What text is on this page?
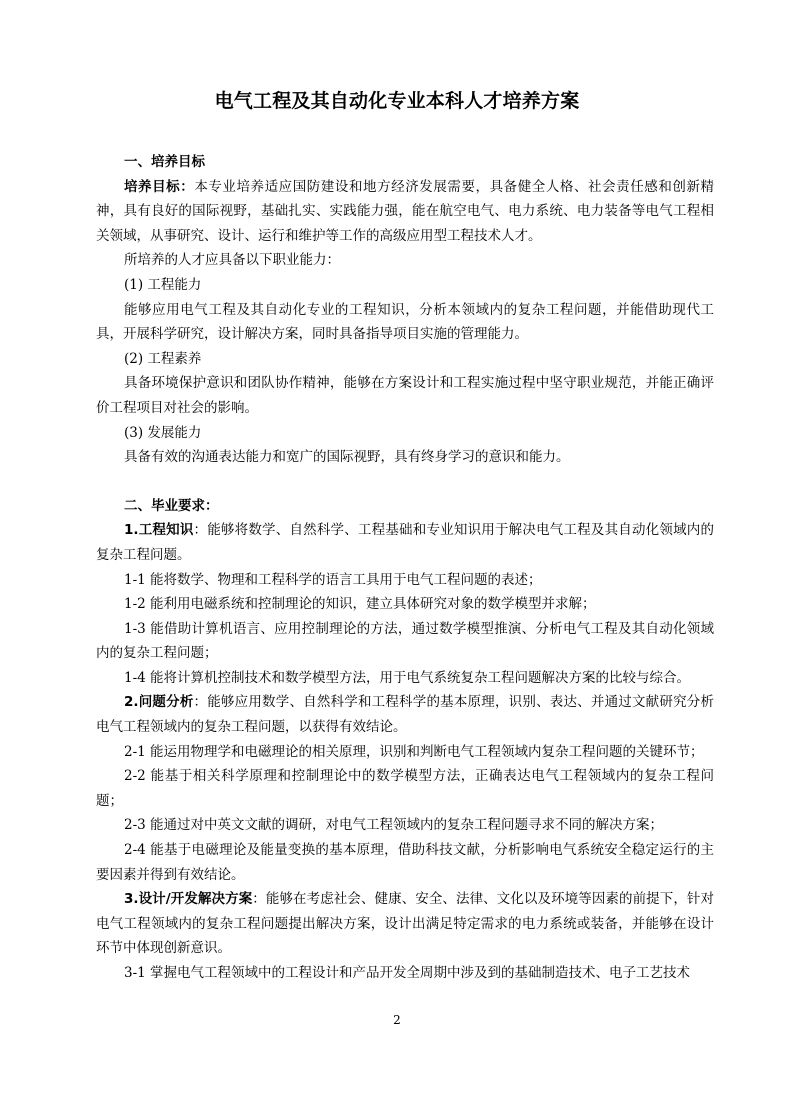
电气工程及其自动化专业本科人才培养方案

一、培养目标

培养目标：本专业培养适应国防建设和地方经济发展需要，具备健全人格、社会责任感和创新精神，具有良好的国际视野，基础扎实、实践能力强，能在航空电气、电力系统、电力装备等电气工程相关领域，从事研究、设计、运行和维护等工作的高级应用型工程技术人才。

所培养的人才应具备以下职业能力：

(1) 工程能力

能够应用电气工程及其自动化专业的工程知识，分析本领域内的复杂工程问题，并能借助现代工具，开展科学研究，设计解决方案，同时具备指导项目实施的管理能力。

(2) 工程素养

具备环境保护意识和团队协作精神，能够在方案设计和工程实施过程中坚守职业规范，并能正确评价工程项目对社会的影响。

(3) 发展能力

具备有效的沟通表达能力和宽广的国际视野，具有终身学习的意识和能力。

二、毕业要求：

1.工程知识：能够将数学、自然科学、工程基础和专业知识用于解决电气工程及其自动化领域内的复杂工程问题。

1-1 能将数学、物理和工程科学的语言工具用于电气工程问题的表述；

1-2 能利用电磁系统和控制理论的知识，建立具体研究对象的数学模型并求解；

1-3 能借助计算机语言、应用控制理论的方法，通过数学模型推演、分析电气工程及其自动化领域内的复杂工程问题；

1-4 能将计算机控制技术和数学模型方法，用于电气系统复杂工程问题解决方案的比较与综合。

2.问题分析：能够应用数学、自然科学和工程科学的基本原理，识别、表达、并通过文献研究分析电气工程领域内的复杂工程问题，以获得有效结论。

2-1 能运用物理学和电磁理论的相关原理，识别和判断电气工程领域内复杂工程问题的关键环节；

2-2 能基于相关科学原理和控制理论中的数学模型方法，正确表达电气工程领域内的复杂工程问题；

2-3 能通过对中英文文献的调研，对电气工程领域内的复杂工程问题寻求不同的解决方案；

2-4 能基于电磁理论及能量变换的基本原理，借助科技文献，分析影响电气系统安全稳定运行的主要因素并得到有效结论。

3.设计/开发解决方案：能够在考虑社会、健康、安全、法律、文化以及环境等因素的前提下，针对电气工程领域内的复杂工程问题提出解决方案，设计出满足特定需求的电力系统或装备，并能够在设计环节中体现创新意识。

3-1 掌握电气工程领域中的工程设计和产品开发全周期中涉及到的基础制造技术、电子工艺技术

2
